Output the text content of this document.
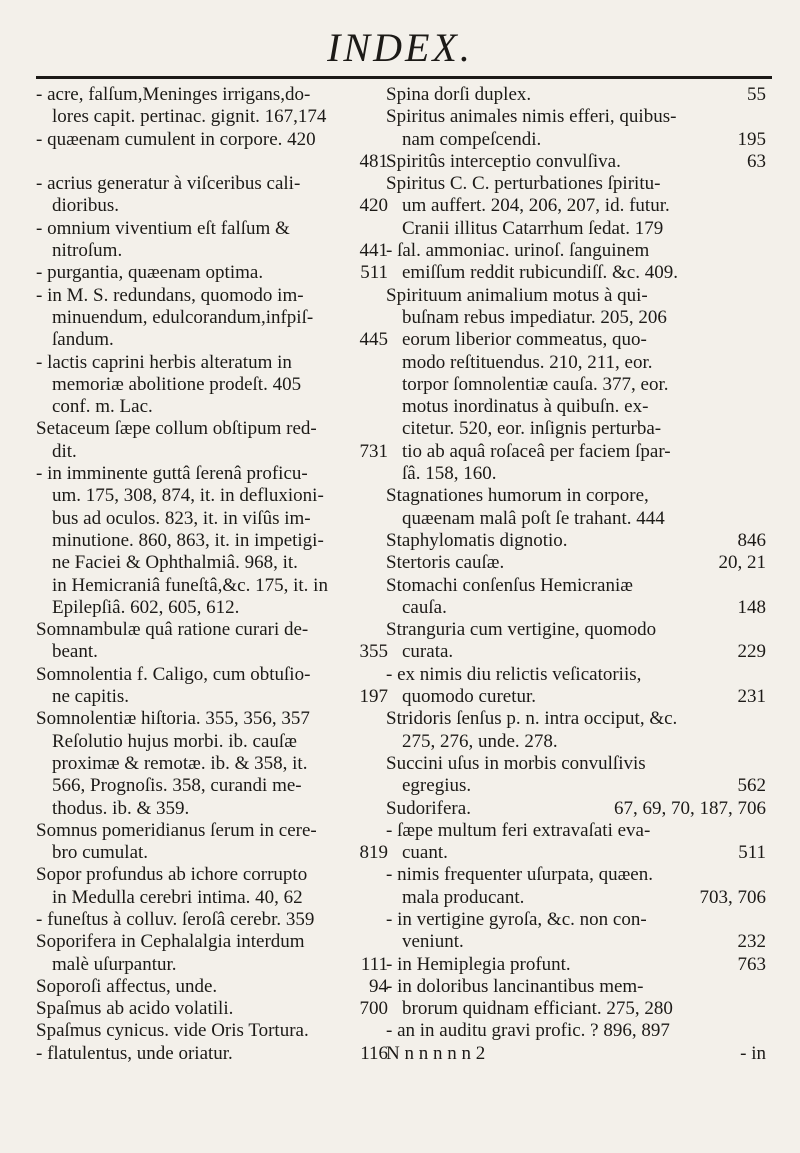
INDEX.
- acre, falſum,Meninges irrigans,do-
lores capit. pertinac. gignit. 167,174
- quæenam cumulent in corpore. 420
481
- acrius generatur à viſceribus cali-
dioribus.	420
- omnium viventium eſt falſum &
nitroſum.	441
- purgantia, quæenam optima.	511
- in M. S. redundans, quomodo im-
minuendum, edulcorandum,infpiſ-
ſandum.	445
- lactis caprini herbis alteratum in
memoriæ abolitione prodeſt. 405
conf. m. Lac.
Setaceum ſæpe collum obſtipum red-
dit.	731
- in imminente guttâ ſerenâ proficu-
um. 175, 308, 874, it. in defluxioni-
bus ad oculos. 823, it. in viſûs im-
minutione. 860, 863, it. in impetigi-
ne Faciei & Ophthalmiâ. 968, it.
in Hemicraniâ funeſtâ,&c. 175, it. in
Epilepſiâ. 602, 605, 612.
Somnambulæ quâ ratione curari de-
beant.	355
Somnolentia f. Caligo, cum obtuſio-
ne capitis.	197
Somnolentiæ hiſtoria. 355, 356, 357
Reſolutio hujus morbi. ib. cauſæ
proximæ & remotæ. ib. & 358, it.
566, Prognoſis. 358, curandi me-
thodus. ib. & 359.
Somnus pomeridianus ſerum in cere-
bro cumulat.	819
Sopor profundus ab ichore corrupto
in Medulla cerebri intima. 40, 62
- funeſtus à colluv. ſeroſâ cerebr. 359
Soporifera in Cephalalgia interdum
malè uſurpantur.	111
Soporoſi affectus, unde.	94
Spaſmus ab acido volatili.	700
Spaſmus cynicus. vide Oris Tortura.
- flatulentus, unde oriatur.	116
Spina dorſi duplex.	55
Spiritus animales nimis efferi, quibus-
nam compeſcendi.	195
Spiritûs interceptio convulſiva.	63
Spiritus C. C. perturbationes ſpiritu-
um auffert. 204, 206, 207, id. futur.
Cranii illitus Catarrhum ſedat. 179
- ſal. ammoniac. urinoſ. ſanguinem
emiſſum reddit rubicundiſſ. &c. 409.
Spirituum animalium motus à qui-
buſnam rebus impediatur. 205, 206
eorum liberior commeatus, quo-
modo reſtituendus. 210, 211, eor.
torpor ſomnolentiæ cauſa. 377, eor.
motus inordinatus à quibuſn. ex-
citetur. 520, eor. inſignis perturba-
tio ab aquâ roſaceâ per faciem ſpar-
ſâ. 158, 160.
Stagnationes humorum in corpore,
quæenam malâ poſt ſe trahant. 444
Staphylomatis dignotio.	846
Stertoris cauſæ.	20, 21
Stomachi conſenſus Hemicraniæ
cauſa.	148
Stranguria cum vertigine, quomodo
curata.	229
- ex nimis diu relictis veſicatoriis,
quomodo curetur.	231
Stridoris ſenſus p. n. intra occiput, &c.
275, 276, unde. 278.
Succini uſus in morbis convulſivis
egregius.	562
Sudorifera.	67, 69, 70, 187, 706
- ſæpe multum feri extravaſati eva-
cuant.	511
- nimis frequenter uſurpata, quæen.
mala producant.	703, 706
- in vertigine gyroſa, &c. non con-
veniunt.	232
- in Hemiplegia profunt.	763
- in doloribus lancinantibus mem-
brorum quidnam efficiant. 275, 280
- an in auditu gravi profic. ? 896, 897
N n n n n n 2	- in
